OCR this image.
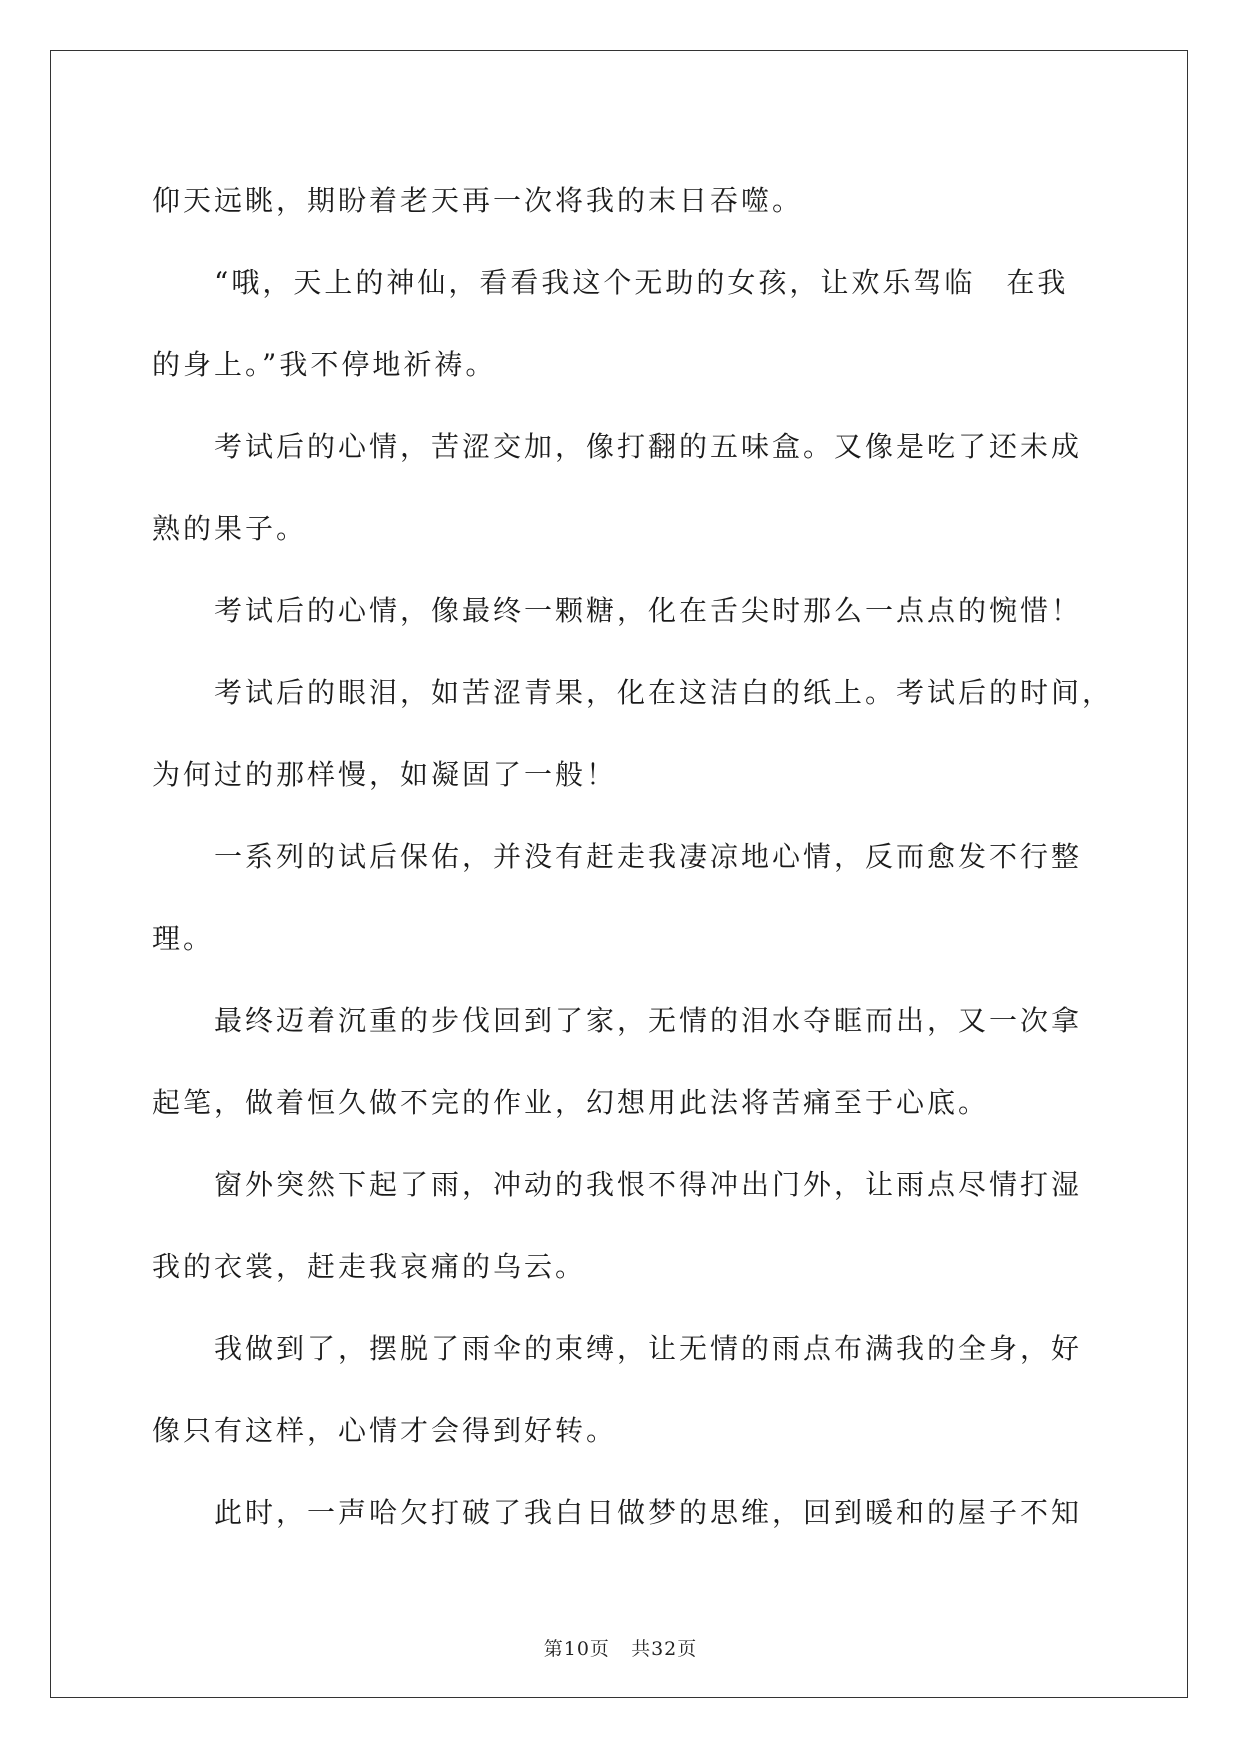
仰天远眺，期盼着老天再一次将我的末日吞噬。

“哦，天上的神仙，看看我这个无助的女孩，让欢乐驾临　在我
的身上。”我不停地祈祷。

考试后的心情，苦涩交加，像打翻的五味盒。又像是吃了还未成
熟的果子。

考试后的心情，像最终一颗糖，化在舌尖时那么一点点的惋惜！

考试后的眼泪，如苦涩青果，化在这洁白的纸上。考试后的时间，
为何过的那样慢，如凝固了一般！

一系列的试后保佑，并没有赶走我凄凉地心情，反而愈发不行整
理。

最终迈着沉重的步伐回到了家，无情的泪水夺眶而出，又一次拿
起笔，做着恒久做不完的作业，幻想用此法将苦痛至于心底。

窗外突然下起了雨，冲动的我恨不得冲出门外，让雨点尽情打湿
我的衣裳，赶走我哀痛的乌云。

我做到了，摆脱了雨伞的束缚，让无情的雨点布满我的全身，好
像只有这样，心情才会得到好转。

此时，一声哈欠打破了我白日做梦的思维，回到暖和的屋子不知

第10页 共32页
